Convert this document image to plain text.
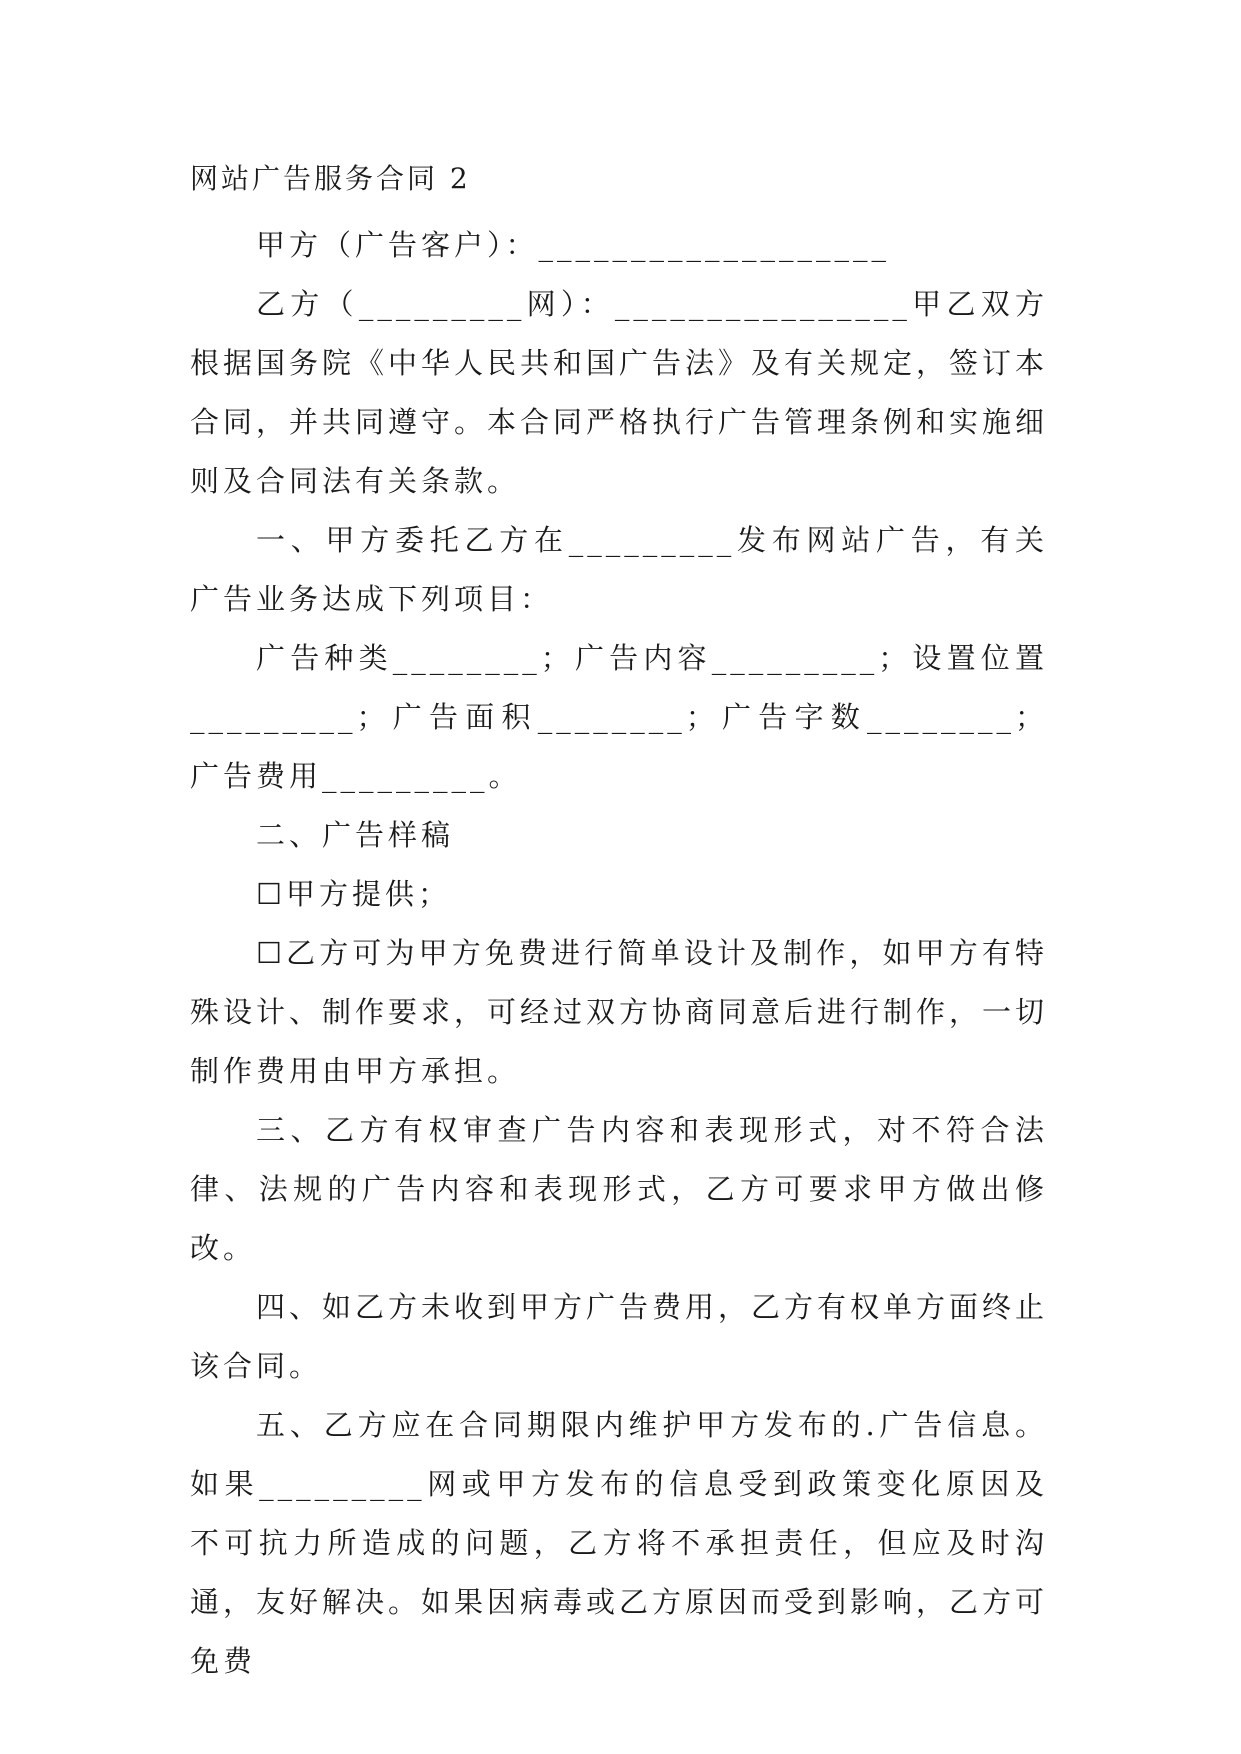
网站广告服务合同 2

甲方（广告客户）：___________________

乙方（_________网）：________________甲乙双方根据国务院《中华人民共和国广告法》及有关规定，签订本合同，并共同遵守。本合同严格执行广告管理条例和实施细则及合同法有关条款。

一、甲方委托乙方在_________发布网站广告，有关广告业务达成下列项目：

广告种类________；广告内容_________；设置位置_________；广告面积________；广告字数________；广告费用_________。

二、广告样稿

☐甲方提供；

☐乙方可为甲方免费进行简单设计及制作，如甲方有特殊设计、制作要求，可经过双方协商同意后进行制作，一切制作费用由甲方承担。

三、乙方有权审查广告内容和表现形式，对不符合法律、法规的广告内容和表现形式，乙方可要求甲方做出修改。

四、如乙方未收到甲方广告费用，乙方有权单方面终止该合同。

五、乙方应在合同期限内维护甲方发布的.广告信息。如果_________网或甲方发布的信息受到政策变化原因及不可抗力所造成的问题，乙方将不承担责任，但应及时沟通，友好解决。如果因病毒或乙方原因而受到影响，乙方可免费
